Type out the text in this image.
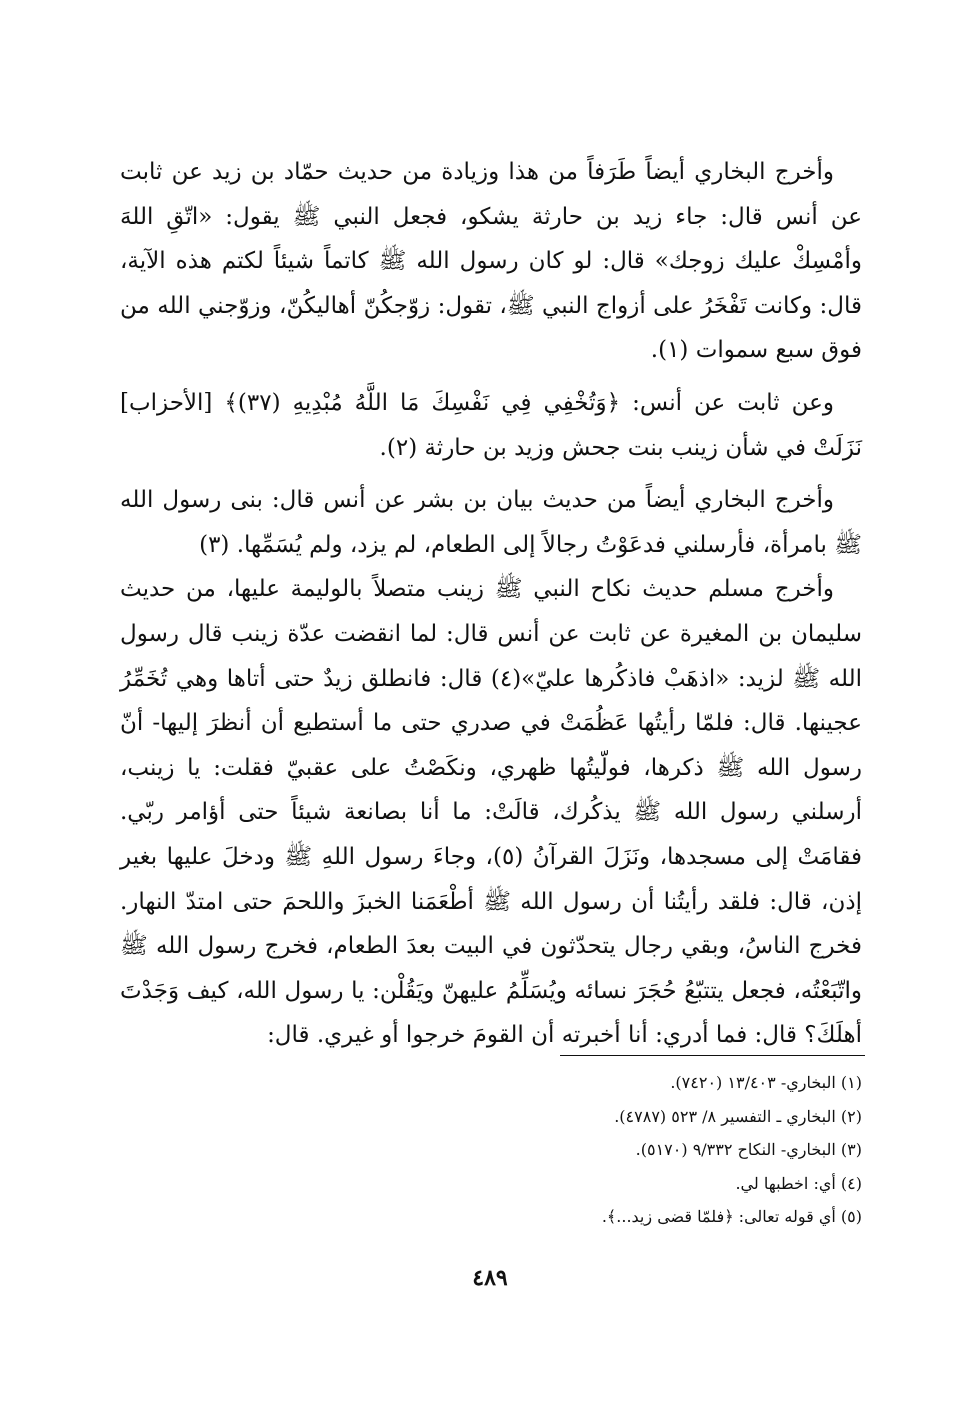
وأخرج البخاري أيضاً طَرَفاً من هذا وزيادة من حديث حمّاد بن زيد عن ثابت عن أنس قال: جاء زيد بن حارثة يشكو، فجعل النبي ﷺ يقول: «اتّقِ اللهَ وأمْسِكْ عليك زوجك» قال: لو كان رسول الله ﷺ كاتماً شيئاً لكتم هذه الآية، قال: وكانت تَفْخَرُ على أزواج النبي ﷺ، تقول: زوّجكُنّ أهاليكُنّ، وزوّجني الله من فوق سبع سموات (١).

وعن ثابت عن أنس: ﴿وَتُخْفِي فِي نَفْسِكَ مَا اللَّهُ مُبْدِيهِ (٣٧)﴾ [الأحزاب] نَزَلَتْ في شأن زينب بنت جحش وزيد بن حارثة (٢).

وأخرج البخاري أيضاً من حديث بيان بن بشر عن أنس قال: بنى رسول الله ﷺ بامرأة، فأرسلني فدعَوْتُ رجالاً إلى الطعام، لم يزد، ولم يُسَمِّها. (٣)

وأخرج مسلم حديث نكاح النبي ﷺ زينب متصلاً بالوليمة عليها، من حديث سليمان بن المغيرة عن ثابت عن أنس قال: لما انقضت عدّة زينب قال رسول الله ﷺ لزيد: «اذهَبْ فاذكُرها عليّ»(٤) قال: فانطلق زيدٌ حتى أتاها وهي تُخَمِّرُ عجينها. قال: فلمّا رأيتُها عَظُمَتْ في صدري حتى ما أستطيع أن أنظرَ إليها- أنّ رسول الله ﷺ ذكرها، فولّيتُها ظهري، ونكَصْتُ على عقبيّ فقلت: يا زينب، أرسلني رسول الله ﷺ يذكُرك، قالَتْ: ما أنا بصانعة شيئاً حتى أؤامر ربّي. فقامَتْ إلى مسجدها، ونَزَلَ القرآنُ (٥)، وجاءَ رسول اللهِ ﷺ ودخلَ عليها بغير إذن، قال: فلقد رأيتُنا أن رسول الله ﷺ أطْعَمَنا الخبزَ واللحمَ حتى امتدّ النهار. فخرج الناسُ، وبقي رجال يتحدّثون في البيت بعدَ الطعام، فخرج رسول الله ﷺ واتّبَعْتُه، فجعل يتتبّعُ حُجَرَ نسائه ويُسَلِّمُ عليهنّ ويَقُلْن: يا رسول الله، كيف وَجَدْتَ أهلَكَ؟ قال: فما أدري: أنا أخبرته أن القومَ خرجوا أو غيري. قال:

(١) البخاري- ١٣/٤٠٣ (٧٤٢٠).

(٢) البخاري ـ التفسير ٨/ ٥٢٣ (٤٧٨٧).

(٣) البخاري- النكاح ٩/٣٣٢ (٥١٧٠).

(٤) أي: اخطبها لي.

(٥) أي قوله تعالى: ﴿فلمّا قضى زيد...﴾.

٤٨٩
